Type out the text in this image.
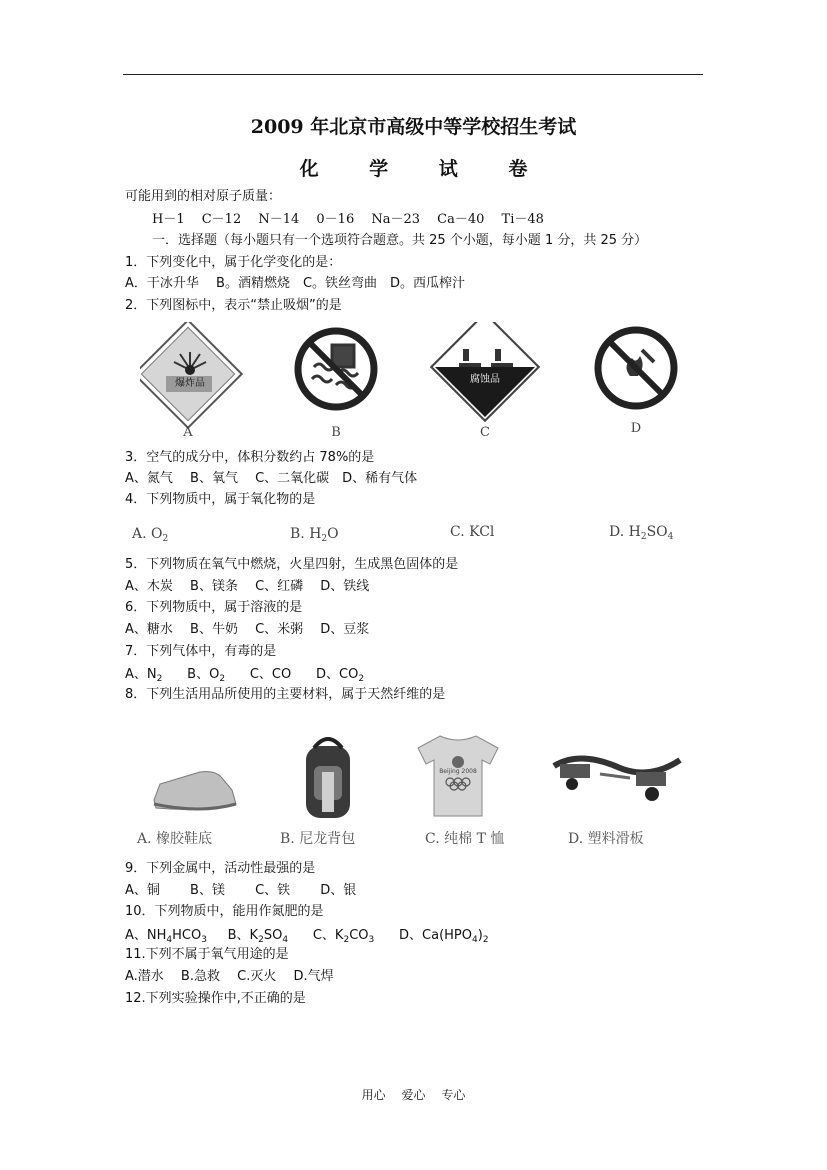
2009 年北京市高级中等学校招生考试
化 学 试 卷
可能用到的相对原子质量：
H－1　 C－12　 N－14　 0－16　 Na－23　 Ca－40　 Ti－48
一．选择题（每小题只有一个选项符合题意。共 25 个小题，每小题 1 分，共 25 分）
1．下列变化中，属于化学变化的是：
A．干冰升华　 B。酒精燃烧　C。铁丝弯曲　D。西瓜榨汁
2．下列图标中，表示“禁止吸烟”的是
爆炸品
A	B
腐蚀品
C	D
3．空气的成分中，体积分数约占 78%的是
A、氮气　 B、氧气　 C、二氧化碳　D、稀有气体
4．下列物质中，属于氧化物的是
A. $O_2$	B. $H_2O$	C. KCl	D. $H_2SO_4$
5．下列物质在氧气中燃烧，火星四射，生成黑色固体的是
A、木炭　 B、镁条　 C、红磷　 D、铁线
6．下列物质中，属于溶液的是
A、糖水　 B、牛奶　 C、米粥　 D、豆浆
7．下列气体中，有毒的是
A、$N_2$ B、$O_2$ C、CO D、$CO_2$
8．下列生活用品所使用的主要材料，属于天然纤维的是
Beijing 2008
A. 橡胶鞋底	B. 尼龙背包	C. 纯棉 T 恤	D. 塑料滑板
9．下列金属中，活动性最强的是
A、铜　　 B、镁　　 C、铁　　 D、银
10．下列物质中，能用作氮肥的是
A、$NH_4HCO_3$ B、$K_2SO_4$ C、$K_2CO_3$ D、$Ca(HPO_4)_2$
11.下列不属于氧气用途的是
A.潜水　 B.急救　 C.灭火　 D.气焊
12.下列实验操作中,不正确的是
用心 爱心 专心
